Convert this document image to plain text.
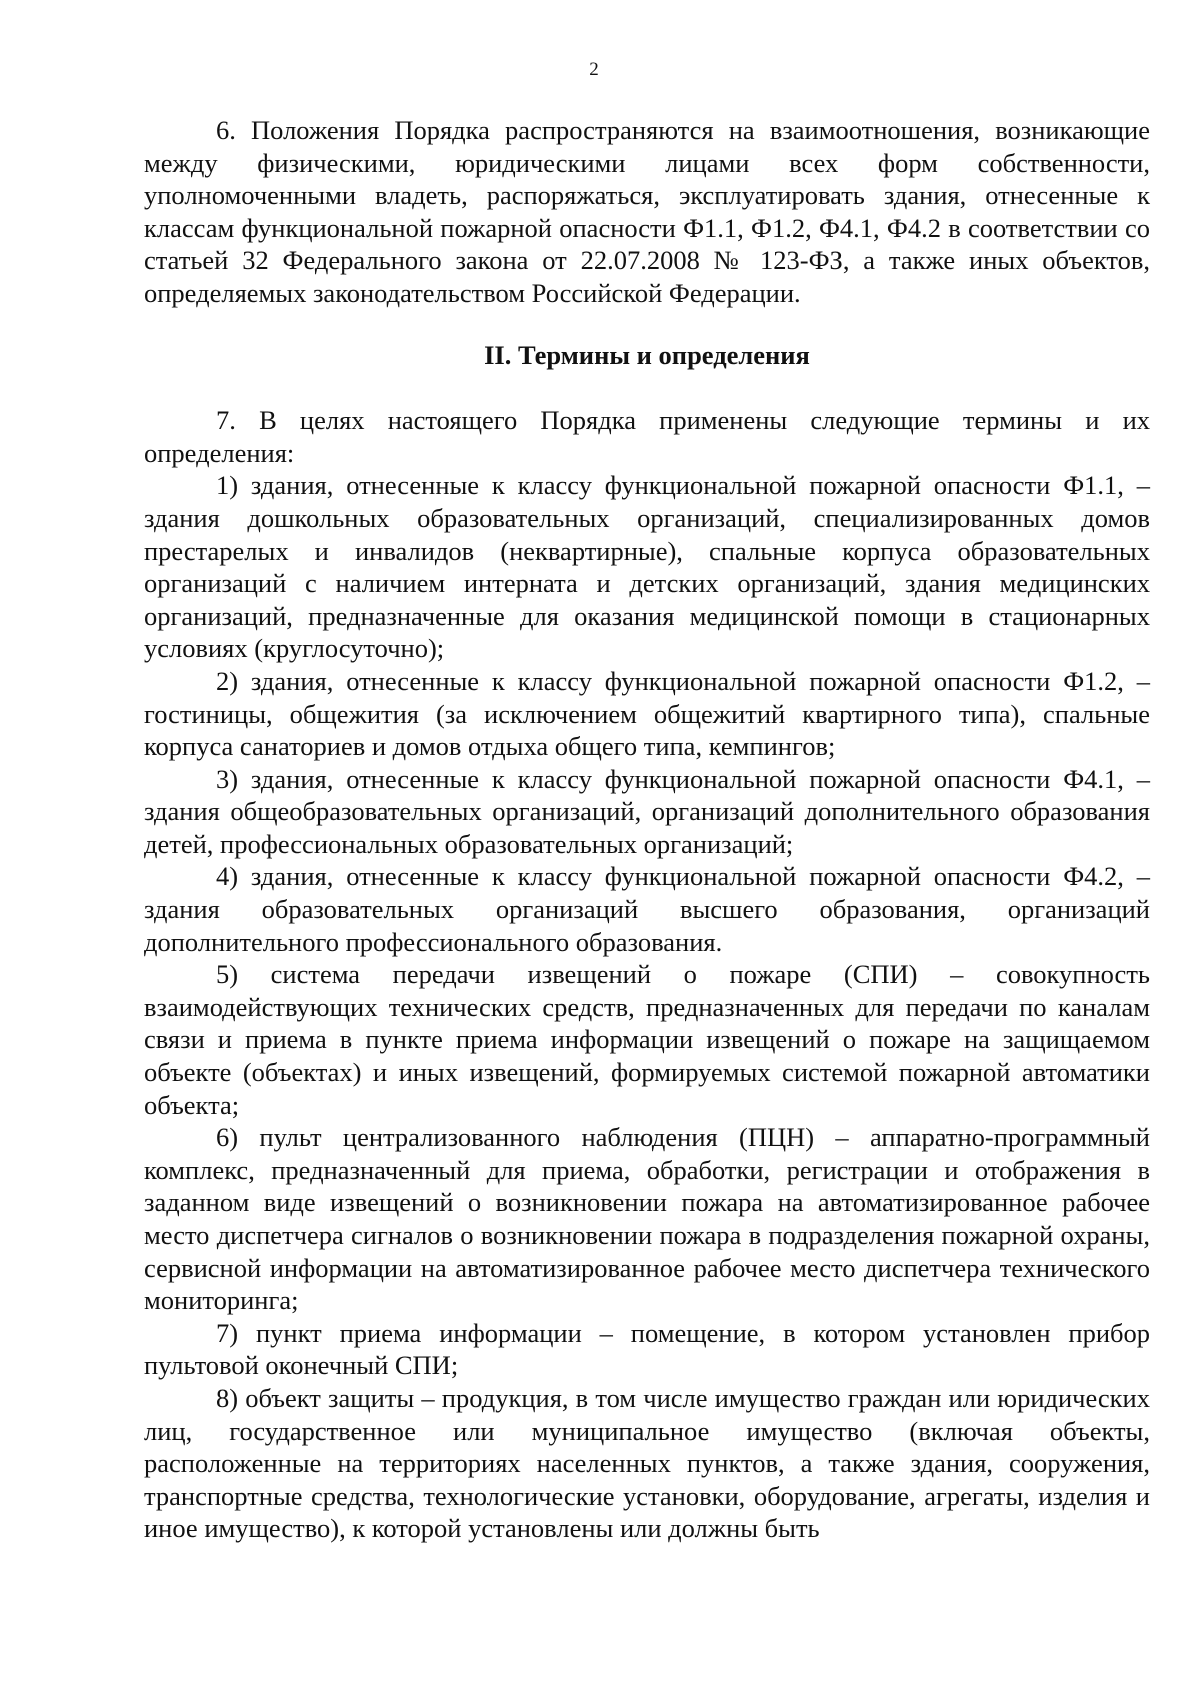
2

6. Положения Порядка распространяются на взаимоотношения, возникающие между физическими, юридическими лицами всех форм собственности, уполномоченными владеть, распоряжаться, эксплуатировать здания, отнесенные к классам функциональной пожарной опасности Ф1.1, Ф1.2, Ф4.1, Ф4.2 в соответствии со статьей 32 Федерального закона от 22.07.2008 № 123-ФЗ, а также иных объектов, определяемых законодательством Российской Федерации.

II. Термины и определения

7. В целях настоящего Порядка применены следующие термины и их определения:

1) здания, отнесенные к классу функциональной пожарной опасности Ф1.1, – здания дошкольных образовательных организаций, специализированных домов престарелых и инвалидов (неквартирные), спальные корпуса образовательных организаций с наличием интерната и детских организаций, здания медицинских организаций, предназначенные для оказания медицинской помощи в стационарных условиях (круглосуточно);

2) здания, отнесенные к классу функциональной пожарной опасности Ф1.2, – гостиницы, общежития (за исключением общежитий квартирного типа), спальные корпуса санаториев и домов отдыха общего типа, кемпингов;

3) здания, отнесенные к классу функциональной пожарной опасности Ф4.1, – здания общеобразовательных организаций, организаций дополнительного образования детей, профессиональных образовательных организаций;

4) здания, отнесенные к классу функциональной пожарной опасности Ф4.2, – здания образовательных организаций высшего образования, организаций дополнительного профессионального образования.

5) система передачи извещений о пожаре (СПИ) – совокупность взаимодействующих технических средств, предназначенных для передачи по каналам связи и приема в пункте приема информации извещений о пожаре на защищаемом объекте (объектах) и иных извещений, формируемых системой пожарной автоматики объекта;

6) пульт централизованного наблюдения (ПЦН) – аппаратно-программный комплекс, предназначенный для приема, обработки, регистрации и отображения в заданном виде извещений о возникновении пожара на автоматизированное рабочее место диспетчера сигналов о возникновении пожара в подразделения пожарной охраны, сервисной информации на автоматизированное рабочее место диспетчера технического мониторинга;

7) пункт приема информации – помещение, в котором установлен прибор пультовой оконечный СПИ;

8) объект защиты – продукция, в том числе имущество граждан или юридических лиц, государственное или муниципальное имущество (включая объекты, расположенные на территориях населенных пунктов, а также здания, сооружения, транспортные средства, технологические установки, оборудование, агрегаты, изделия и иное имущество), к которой установлены или должны быть
